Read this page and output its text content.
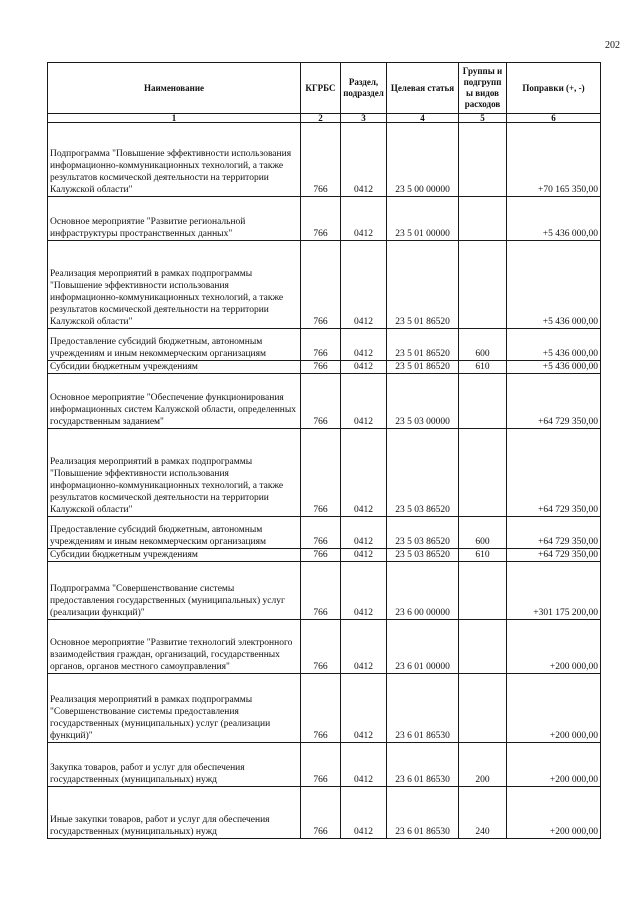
202
Наименование	КГРБС	Раздел, подраздел	Целевая статья	Группы и подгрупп ы видов расходов	Поправки (+, -)
1	2	3	4	5	6
Подпрограмма "Повышение эффективности использования информационно-коммуникационных технологий, а также результатов космической деятельности на территории Калужской области"	766	0412	23 5 00 00000		+70 165 350,00
Основное мероприятие "Развитие региональной инфраструктуры пространственных данных"	766	0412	23 5 01 00000		+5 436 000,00
Реализация мероприятий в рамках подпрограммы "Повышение эффективности использования информационно-коммуникационных технологий, а также результатов космической деятельности на территории Калужской области"	766	0412	23 5 01 86520		+5 436 000,00
Предоставление субсидий бюджетным, автономным учреждениям и иным некоммерческим организациям	766	0412	23 5 01 86520	600	+5 436 000,00
Субсидии бюджетным учреждениям	766	0412	23 5 01 86520	610	+5 436 000,00
Основное мероприятие "Обеспечение функционирования информационных систем Калужской области, определенных государственным заданием"	766	0412	23 5 03 00000		+64 729 350,00
Реализация мероприятий в рамках подпрограммы "Повышение эффективности использования информационно-коммуникационных технологий, а также результатов космической деятельности на территории Калужской области"	766	0412	23 5 03 86520		+64 729 350,00
Предоставление субсидий бюджетным, автономным учреждениям и иным некоммерческим организациям	766	0412	23 5 03 86520	600	+64 729 350,00
Субсидии бюджетным учреждениям	766	0412	23 5 03 86520	610	+64 729 350,00
Подпрограмма "Совершенствование системы предоставления государственных (муниципальных) услуг (реализации функций)"	766	0412	23 6 00 00000		+301 175 200,00
Основное мероприятие "Развитие технологий электронного взаимодействия граждан, организаций, государственных органов, органов местного самоуправления"	766	0412	23 6 01 00000		+200 000,00
Реализация мероприятий в рамках подпрограммы "Совершенствование системы предоставления государственных (муниципальных) услуг (реализации функций)"	766	0412	23 6 01 86530		+200 000,00
Закупка товаров, работ и услуг для обеспечения государственных (муниципальных) нужд	766	0412	23 6 01 86530	200	+200 000,00
Иные закупки товаров, работ и услуг для обеспечения государственных (муниципальных) нужд	766	0412	23 6 01 86530	240	+200 000,00
